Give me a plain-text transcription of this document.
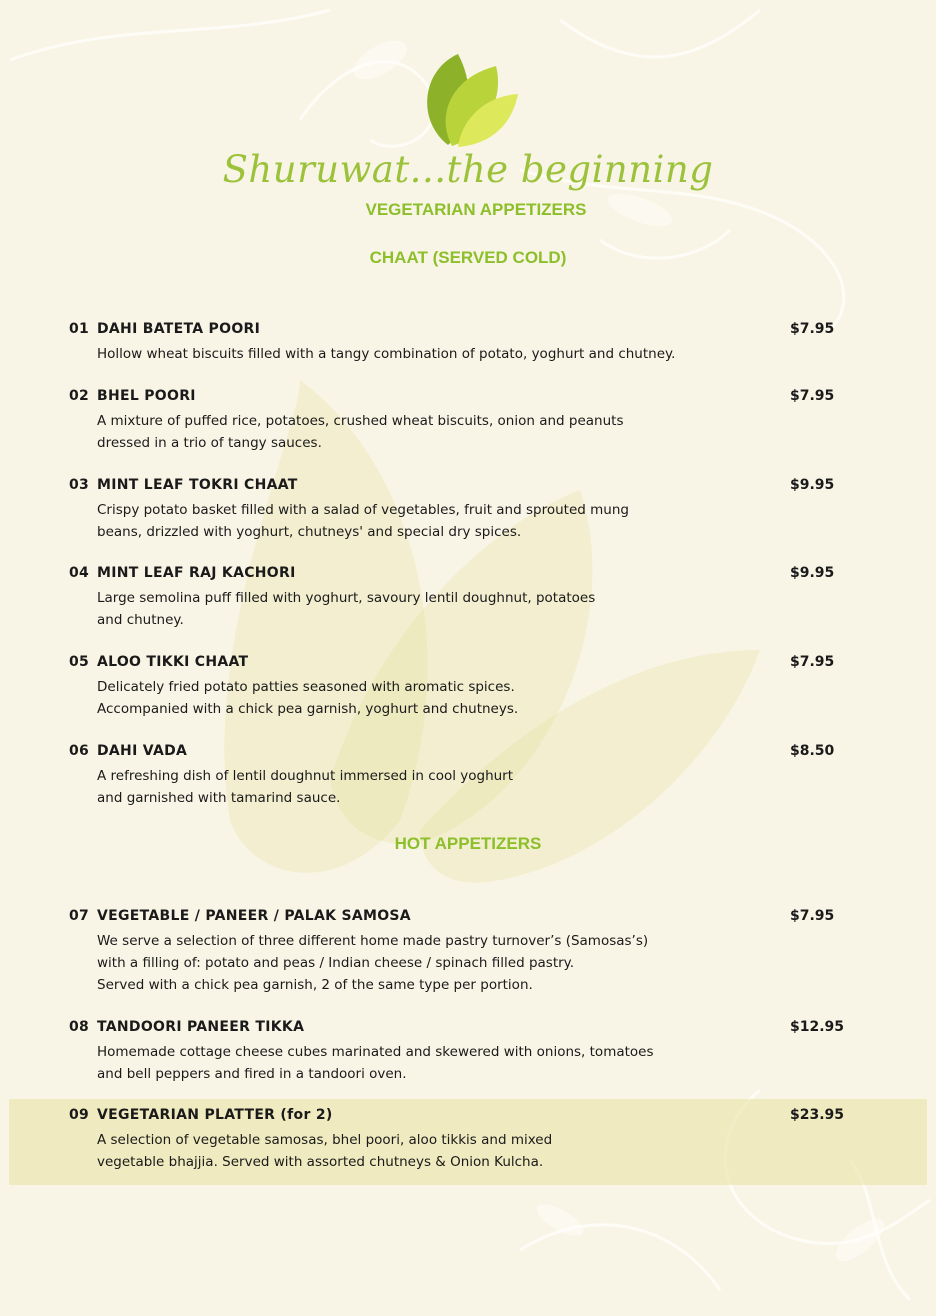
Shuruwat...the beginning
VEGETARIAN APPETIZERS
CHAAT (SERVED COLD)
01 DAHI BATETA POORI	$7.95
Hollow wheat biscuits filled with a tangy combination of potato, yoghurt and chutney.
02 BHEL POORI	$7.95
A mixture of puffed rice, potatoes, crushed wheat biscuits, onion and peanuts
dressed in a trio of tangy sauces.
03 MINT LEAF TOKRI CHAAT	$9.95
Crispy potato basket filled with a salad of vegetables, fruit and sprouted mung
beans, drizzled with yoghurt, chutneys' and special dry spices.
04 MINT LEAF RAJ KACHORI	$9.95
Large semolina puff filled with yoghurt, savoury lentil doughnut, potatoes
and chutney.
05 ALOO TIKKI CHAAT	$7.95
Delicately fried potato patties seasoned with aromatic spices.
Accompanied with a chick pea garnish, yoghurt and chutneys.
06 DAHI VADA	$8.50
A refreshing dish of lentil doughnut immersed in cool yoghurt
and garnished with tamarind sauce.
HOT APPETIZERS
07 VEGETABLE / PANEER / PALAK SAMOSA	$7.95
We serve a selection of three different home made pastry turnover’s (Samosas’s)
with a filling of: potato and peas / Indian cheese / spinach filled pastry.
Served with a chick pea garnish, 2 of the same type per portion.
08 TANDOORI PANEER TIKKA	$12.95
Homemade cottage cheese cubes marinated and skewered with onions, tomatoes
and bell peppers and fired in a tandoori oven.
09 VEGETARIAN PLATTER (for 2)	$23.95
A selection of vegetable samosas, bhel poori, aloo tikkis and mixed
vegetable bhajjia. Served with assorted chutneys & Onion Kulcha.
